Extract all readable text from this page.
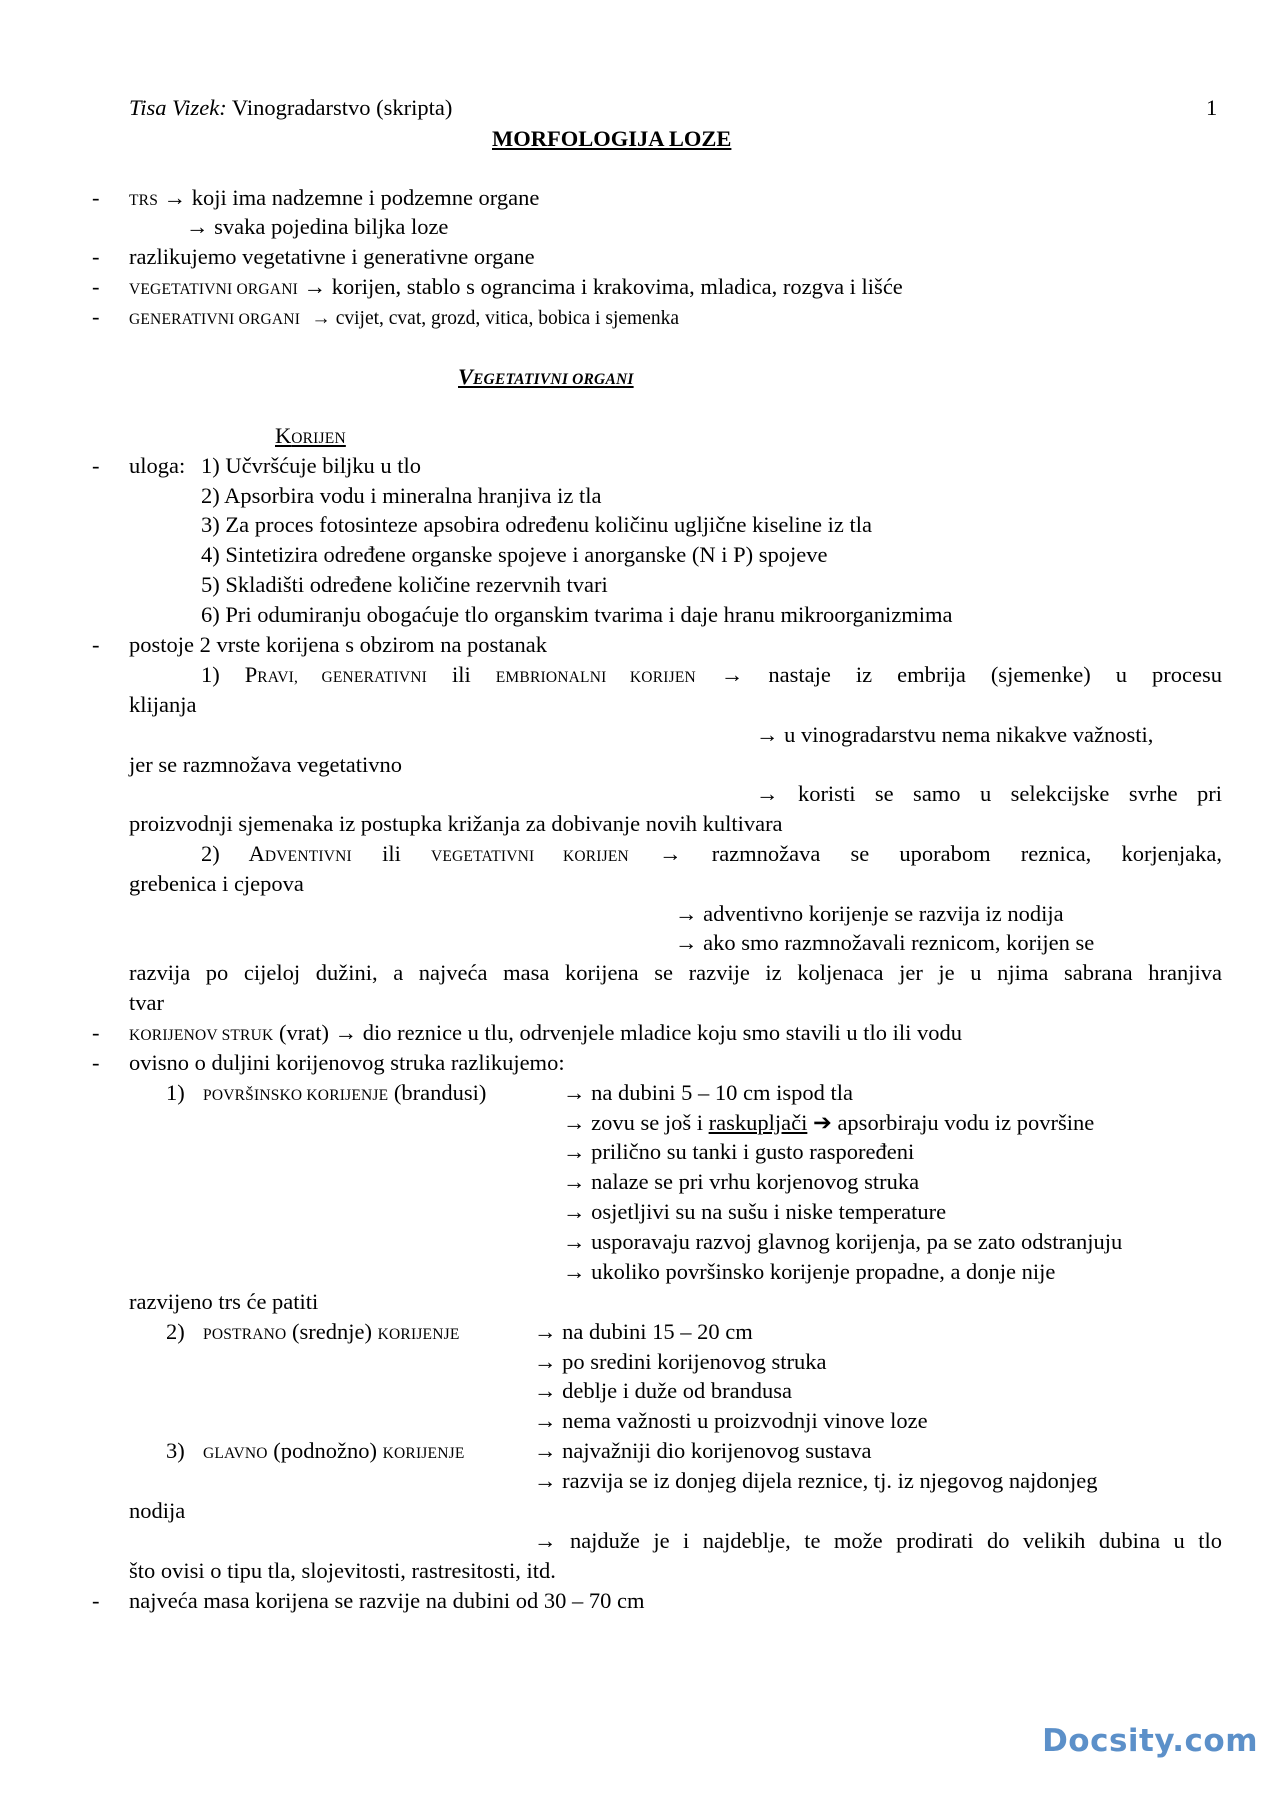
Tisa Vizek: Vinogradarstvo (skripta)	1
MORFOLOGIJA LOZE
- TRS → koji ima nadzemne i podzemne organe
→ svaka pojedina biljka loze
- razlikujemo vegetativne i generativne organe
- VEGETATIVNI ORGANI → korijen, stablo s ograncima i krakovima, mladica, rozgva i lišće
- GENERATIVNI ORGANI → cvijet, cvat, grozd, vitica, bobica i sjemenka
VEGETATIVNI ORGANI
KORIJEN
- uloga: 1) Učvršćuje biljku u tlo
2) Apsorbira vodu i mineralna hranjiva iz tla
3) Za proces fotosinteze apsobira određenu količinu ugljične kiseline iz tla
4) Sintetizira određene organske spojeve i anorganske (N i P) spojeve
5) Skladišti određene količine rezervnih tvari
6) Pri odumiranju obogaćuje tlo organskim tvarima i daje hranu mikroorganizmima
- postoje 2 vrste korijena s obzirom na postanak
1) PRAVI, GENERATIVNI ili EMBRIONALNI KORIJEN → nastaje iz embrija (sjemenke) u procesu
klijanja
→ u vinogradarstvu nema nikakve važnosti,
jer se razmnožava vegetativno
→ koristi se samo u selekcijske svrhe pri
proizvodnji sjemenaka iz postupka križanja za dobivanje novih kultivara
2) ADVENTIVNI ili VEGETATIVNI KORIJEN → razmnožava se uporabom reznica, korjenjaka,
grebenica i cjepova
→ adventivno korijenje se razvija iz nodija
→ ako smo razmnožavali reznicom, korijen se
razvija po cijeloj dužini, a najveća masa korijena se razvije iz koljenaca jer je u njima sabrana hranjiva
tvar
- KORIJENOV STRUK (vrat) → dio reznice u tlu, odrvenjele mladice koju smo stavili u tlo ili vodu
- ovisno o duljini korijenovog struka razlikujemo:
1) POVRŠINSKO KORIJENJE (brandusi)	→ na dubini 5 – 10 cm ispod tla
→ zovu se još i raskupljači ➔ apsorbiraju vodu iz površine
→ prilično su tanki i gusto raspoređeni
→ nalaze se pri vrhu korjenovog struka
→ osjetljivi su na sušu i niske temperature
→ usporavaju razvoj glavnog korijenja, pa se zato odstranjuju
→ ukoliko površinsko korijenje propadne, a donje nije
razvijeno trs će patiti
2) POSTRANO (srednje) KORIJENJE	→ na dubini 15 – 20 cm
→ po sredini korijenovog struka
→ deblje i duže od brandusa
→ nema važnosti u proizvodnji vinove loze
3) GLAVNO (podnožno) KORIJENJE	→ najvažniji dio korijenovog sustava
→ razvija se iz donjeg dijela reznice, tj. iz njegovog najdonjeg
nodija
→ najduže je i najdeblje, te može prodirati do velikih dubina u tlo
što ovisi o tipu tla, slojevitosti, rastresitosti, itd.
- najveća masa korijena se razvije na dubini od 30 – 70 cm
Docsity.com
